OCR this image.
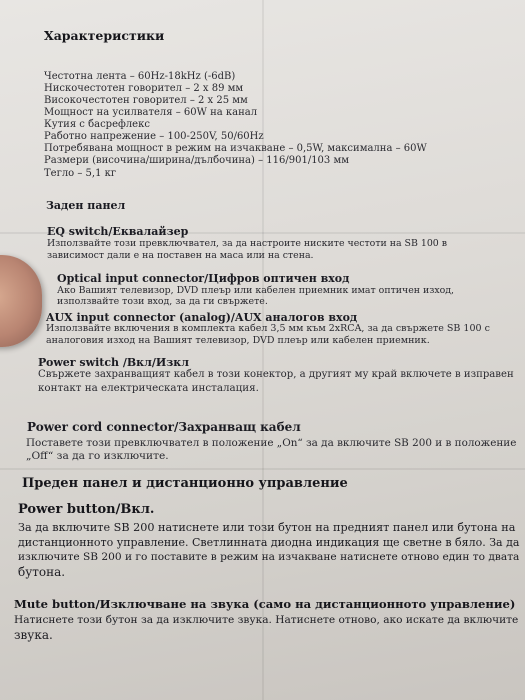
Характеристики
Честотна лента – 60Hz-18kHz (-6dB)
Нискочестотен говорител – 2 x 89 мм
Високочестотен говорител – 2 x 25 мм
Мощност на усилвателя – 60W на канал
Кутия с басрефлекс
Работно напрежение – 100-250V, 50/60Hz
Потребявана мощност в режим на изчакване – 0,5W, максимална – 60W
Размери (височина/ширина/дълбочина) – 116/901/103 мм
Тегло – 5,1 кг
Заден панел
EQ switch/Еквалайзер
Използвайте този превключвател, за да настроите ниските честоти на SB 100 в
зависимост дали е на поставен на маса или на стена.
Optical input connector/Цифров оптичен вход
Ако Вашият телевизор, DVD плеър или кабелен приемник имат оптичен изход,
използвайте този вход, за да ги свържете.
AUX input connector (analog)/AUX аналогов вход
Използвайте включения в комплекта кабел 3,5 мм към 2xRCA, за да свържете SB 100 с
аналоговия изход на Вашият телевизор, DVD плеър или кабелен приемник.
Power switch /Вкл/Изкл
Свържете захранващият кабел в този конектор, а другият му край включете в изправен
контакт на електрическата инсталация.
Power cord connector/Захранващ кабел
Поставете този превключвател в положение „On“ за да включите SB 200 и в положение
„Off“ за да го изключите.
Преден панел и дистанционно управление
Power button/Вкл.
За да включите SB 200 натиснете или този бутон на предният панел или бутона на
дистанционното управление. Светлинната диодна индикация ще светне в бяло. За да
изключите SB 200 и го поставите в режим на изчакване натиснете отново един то двата
бутона.
Mute button/Изключване на звука (само на дистанционното управление)
Натиснете този бутон за да изключите звука. Натиснете отново, ако искате да включите
звука.
